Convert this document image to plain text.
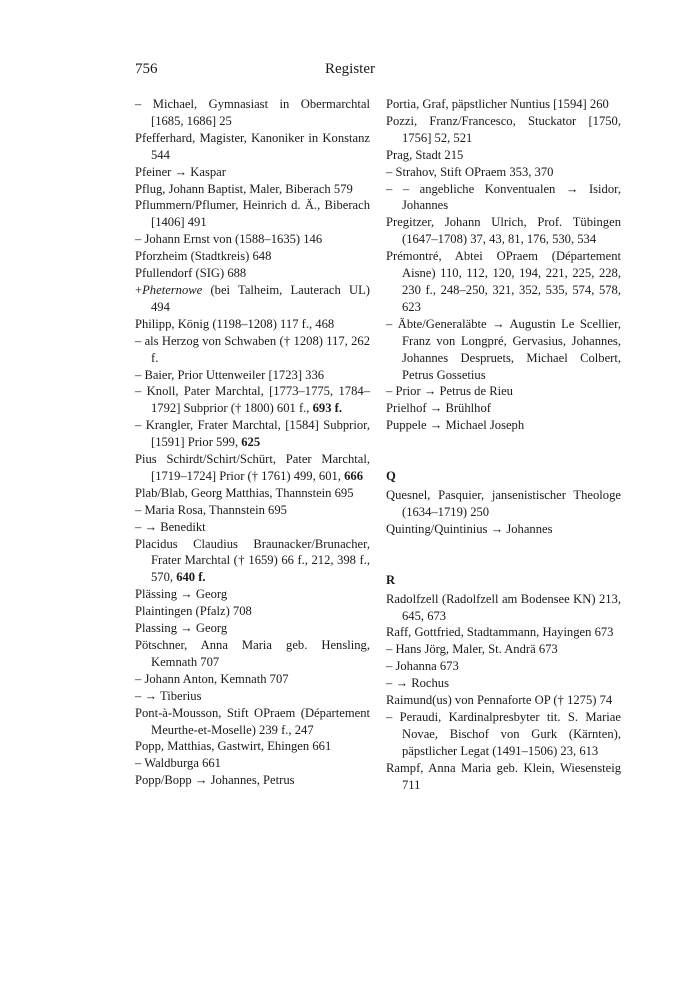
756	Register
– Michael, Gymnasiast in Obermarchtal [1685, 1686] 25
Pfefferhard, Magister, Kanoniker in Konstanz 544
Pfeiner → Kaspar
Pflug, Johann Baptist, Maler, Biberach 579
Pflummern/Pflumer, Heinrich d. Ä., Biberach [1406] 491
– Johann Ernst von (1588–1635) 146
Pforzheim (Stadtkreis) 648
Pfullendorf (SIG) 688
+Pheternowe (bei Talheim, Lauterach UL) 494
Philipp, König (1198–1208) 117 f., 468
– als Herzog von Schwaben († 1208) 117, 262 f.
– Baier, Prior Uttenweiler [1723] 336
– Knoll, Pater Marchtal, [1773–1775, 1784–1792] Subprior († 1800) 601 f., 693 f.
– Krangler, Frater Marchtal, [1584] Subprior, [1591] Prior 599, 625
Pius Schirdt/Schirt/Schürt, Pater Marchtal, [1719–1724] Prior († 1761) 499, 601, 666
Plab/Blab, Georg Matthias, Thannstein 695
– Maria Rosa, Thannstein 695
– → Benedikt
Placidus Claudius Braunacker/Brunacher, Frater Marchtal († 1659) 66 f., 212, 398 f., 570, 640 f.
Plässing → Georg
Plaintingen (Pfalz) 708
Plassing → Georg
Pötschner, Anna Maria geb. Hensling, Kemnath 707
– Johann Anton, Kemnath 707
– → Tiberius
Pont-à-Mousson, Stift OPraem (Département Meurthe-et-Moselle) 239 f., 247
Popp, Matthias, Gastwirt, Ehingen 661
– Waldburga 661
Popp/Bopp → Johannes, Petrus
Portia, Graf, päpstlicher Nuntius [1594] 260
Pozzi, Franz/Francesco, Stuckator [1750, 1756] 52, 521
Prag, Stadt 215
– Strahov, Stift OPraem 353, 370
– – angebliche Konventualen → Isidor, Johannes
Pregitzer, Johann Ulrich, Prof. Tübingen (1647–1708) 37, 43, 81, 176, 530, 534
Prémontré, Abtei OPraem (Département Aisne) 110, 112, 120, 194, 221, 225, 228, 230 f., 248–250, 321, 352, 535, 574, 578, 623
– Äbte/Generaläbte → Augustin Le Scellier, Franz von Longpré, Gervasius, Johannes, Johannes Despruets, Michael Colbert, Petrus Gossetius
– Prior → Petrus de Rieu
Prielhof → Brühlhof
Puppele → Michael Joseph
Q
Quesnel, Pasquier, jansenistischer Theologe (1634–1719) 250
Quinting/Quintinius → Johannes
R
Radolfzell (Radolfzell am Bodensee KN) 213, 645, 673
Raff, Gottfried, Stadtammann, Hayingen 673
– Hans Jörg, Maler, St. Andrä 673
– Johanna 673
– → Rochus
Raimund(us) von Pennaforte OP († 1275) 74
– Peraudi, Kardinalpresbyter tit. S. Mariae Novae, Bischof von Gurk (Kärnten), päpstlicher Legat (1491–1506) 23, 613
Rampf, Anna Maria geb. Klein, Wiesensteig 711
